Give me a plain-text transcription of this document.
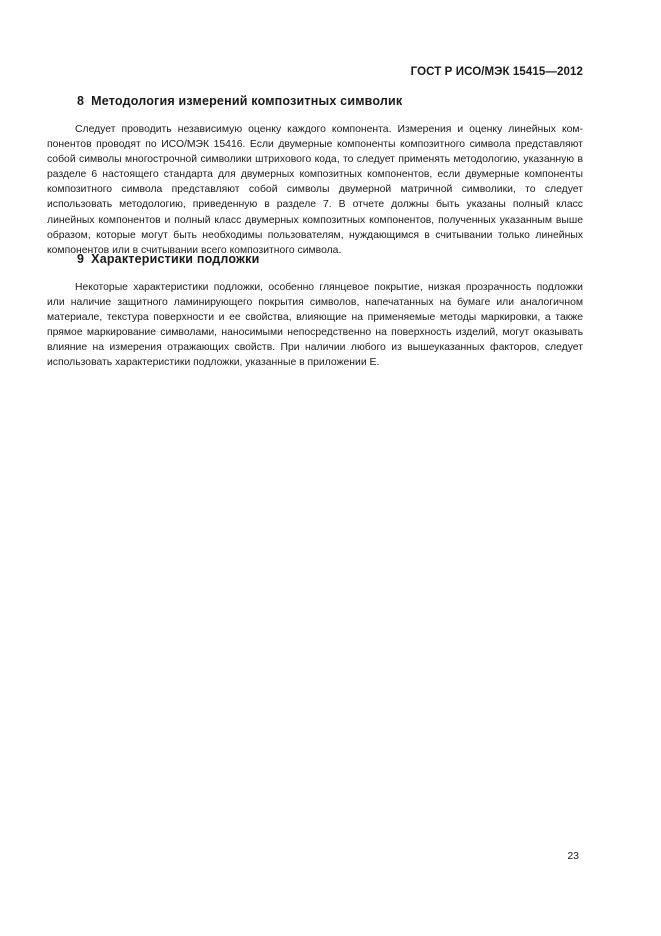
ГОСТ Р ИСО/МЭК 15415—2012
8 Методология измерений композитных символик

Следует проводить независимую оценку каждого компонента. Измерения и оценку линейных компонентов проводят по ИСО/МЭК 15416. Если двумерные компоненты композитного символа представляют собой символы многострочной символики штрихового кода, то следует применять методологию, указанную в разделе 6 настоящего стандарта для двумерных композитных компонентов, если двумерные компоненты композитного символа представляют собой символы двумерной матричной символики, то следует использовать методологию, приведенную в разделе 7. В отчете должны быть указаны полный класс линейных компонентов и полный класс двумерных композитных компонентов, полученных указанным выше образом, которые могут быть необходимы пользователям, нуждающимся в считывании только линейных компонентов или в считывании всего композитного символа.

9 Характеристики подложки

Некоторые характеристики подложки, особенно глянцевое покрытие, низкая прозрачность подложки или наличие защитного ламинирующего покрытия символов, напечатанных на бумаге или аналогичном материале, текстура поверхности и ее свойства, влияющие на применяемые методы маркировки, а также прямое маркирование символами, наносимыми непосредственно на поверхность изделий, могут оказывать влияние на измерения отражающих свойств. При наличии любого из вышеуказанных факторов, следует использовать характеристики подложки, указанные в приложении Е.

23
